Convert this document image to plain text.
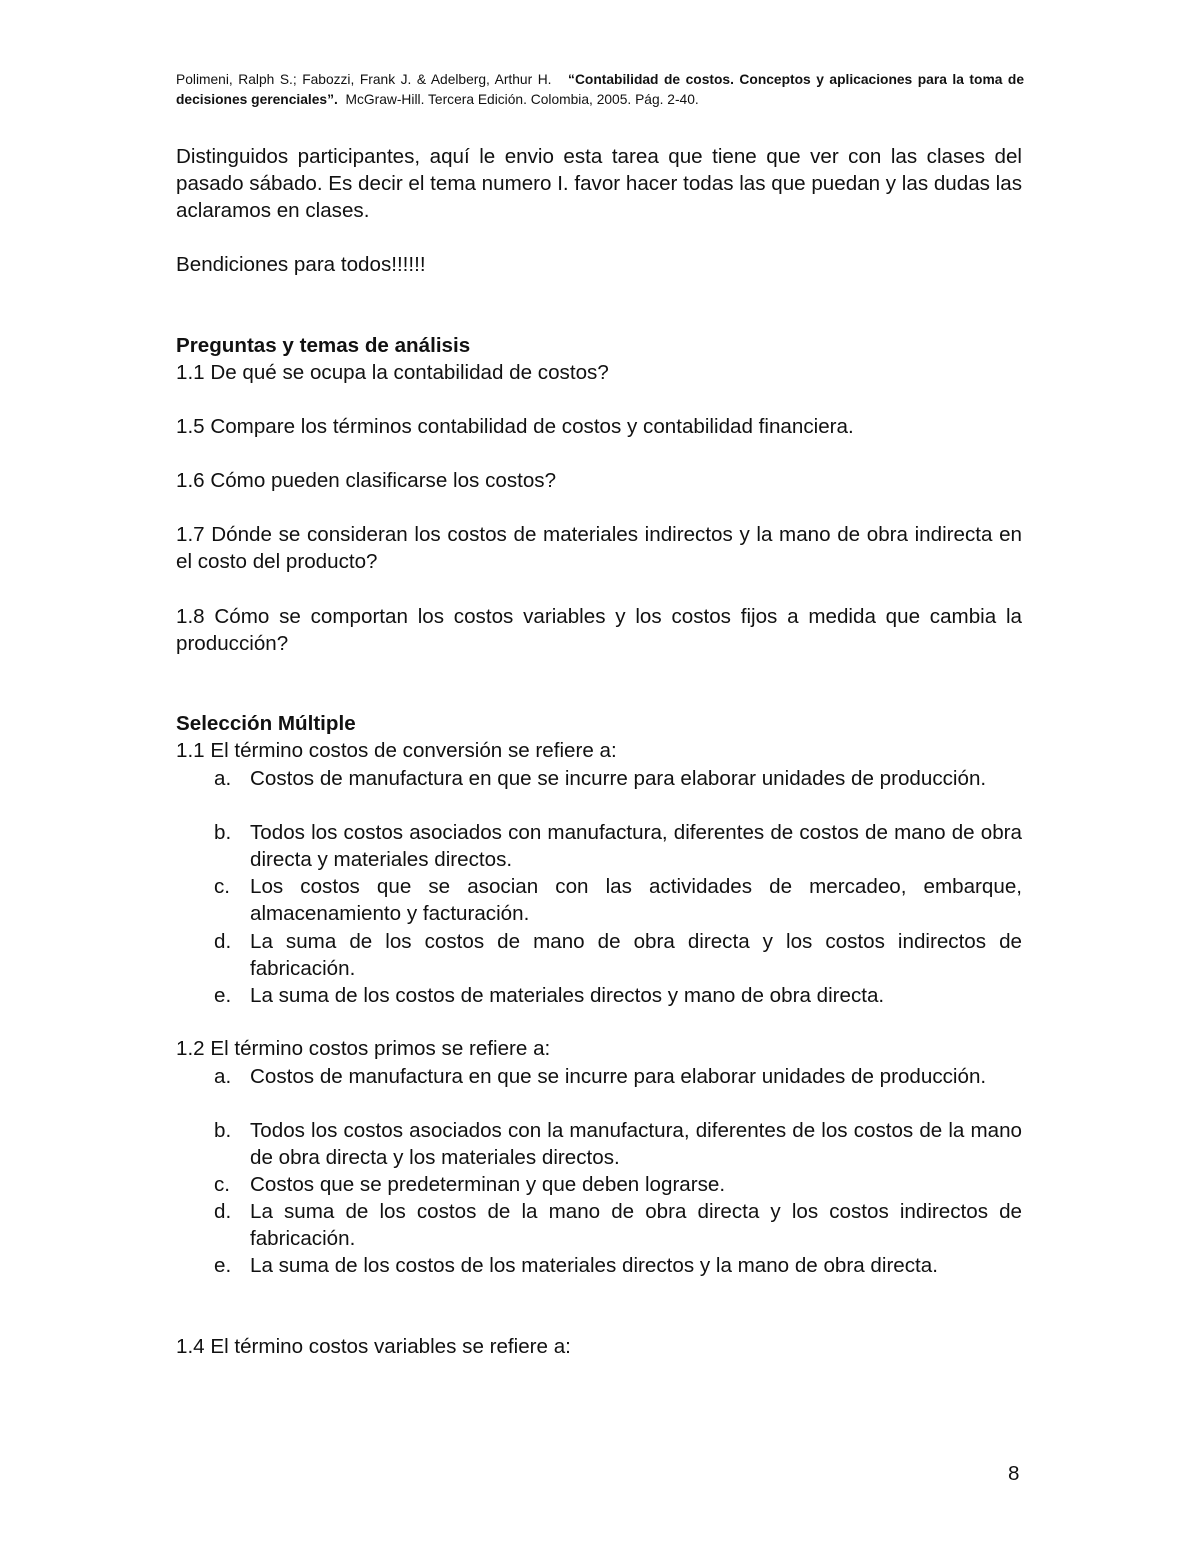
Polimeni, Ralph S.; Fabozzi, Frank J. & Adelberg, Arthur H. “Contabilidad de costos. Conceptos y aplicaciones para la toma de decisiones gerenciales”. McGraw-Hill. Tercera Edición. Colombia, 2005. Pág. 2-40.
Distinguidos participantes, aquí le envio esta tarea que tiene que ver con las clases del pasado sábado. Es decir el tema numero I. favor hacer todas las que puedan y las dudas las aclaramos en clases.
Bendiciones para todos!!!!!!
Preguntas y temas de análisis
1.1 De qué se ocupa la contabilidad de costos?
1.5 Compare los términos contabilidad de costos y contabilidad financiera.
1.6 Cómo pueden clasificarse los costos?
1.7 Dónde se consideran los costos de materiales indirectos y la mano de obra indirecta en el costo del producto?
1.8 Cómo se comportan los costos variables y los costos fijos a medida que cambia la producción?
Selección Múltiple
1.1 El término costos de conversión se refiere a:
a. Costos de manufactura en que se incurre para elaborar unidades de producción.
b. Todos los costos asociados con manufactura, diferentes de costos de mano de obra directa y materiales directos.
c. Los costos que se asocian con las actividades de mercadeo, embarque, almacenamiento y facturación.
d. La suma de los costos de mano de obra directa y los costos indirectos de fabricación.
e. La suma de los costos de materiales directos y mano de obra directa.
1.2 El término costos primos se refiere a:
a. Costos de manufactura en que se incurre para elaborar unidades de producción.
b. Todos los costos asociados con la manufactura, diferentes de los costos de la mano de obra directa y los materiales directos.
c. Costos que se predeterminan y que deben lograrse.
d. La suma de los costos de la mano de obra directa y los costos indirectos de fabricación.
e. La suma de los costos de los materiales directos y la mano de obra directa.
1.4 El término costos variables se refiere a:
8
